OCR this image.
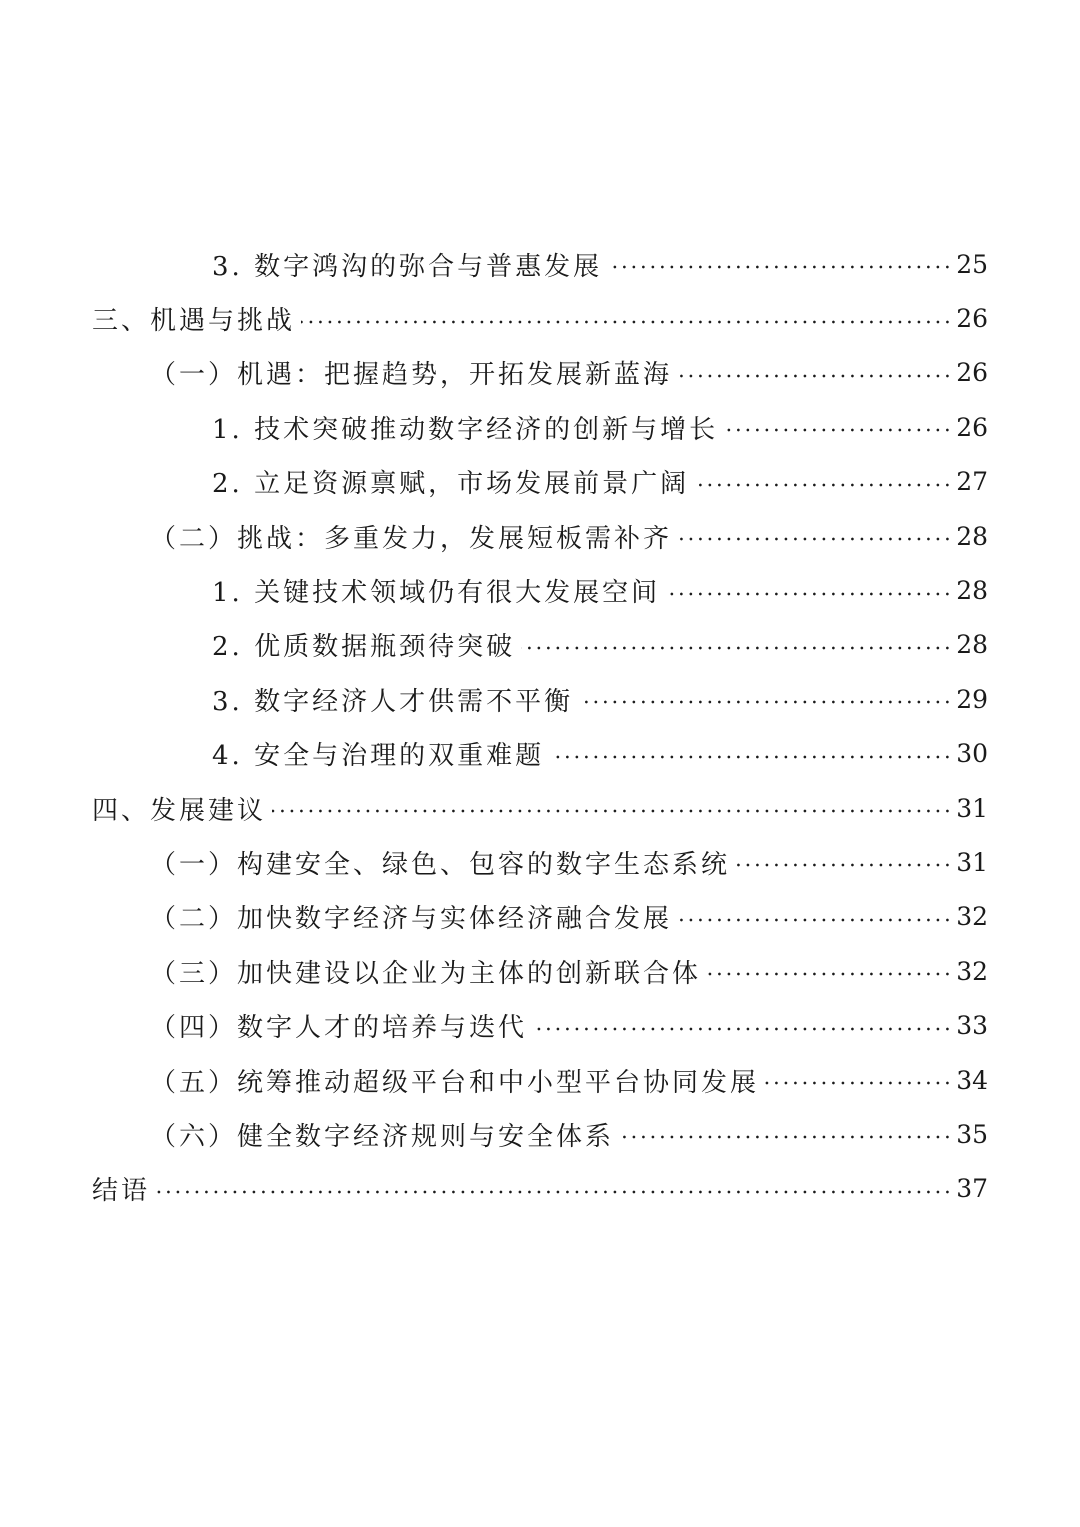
3. 数字鸿沟的弥合与普惠发展	25
三、机遇与挑战	26
（一）机遇：把握趋势，开拓发展新蓝海	26
1. 技术突破推动数字经济的创新与增长	26
2. 立足资源禀赋，市场发展前景广阔	27
（二）挑战：多重发力，发展短板需补齐	28
1. 关键技术领域仍有很大发展空间	28
2. 优质数据瓶颈待突破	28
3. 数字经济人才供需不平衡	29
4. 安全与治理的双重难题	30
四、发展建议	31
（一）构建安全、绿色、包容的数字生态系统	31
（二）加快数字经济与实体经济融合发展	32
（三）加快建设以企业为主体的创新联合体	32
（四）数字人才的培养与迭代	33
（五）统筹推动超级平台和中小型平台协同发展	34
（六）健全数字经济规则与安全体系	35
结语	37
